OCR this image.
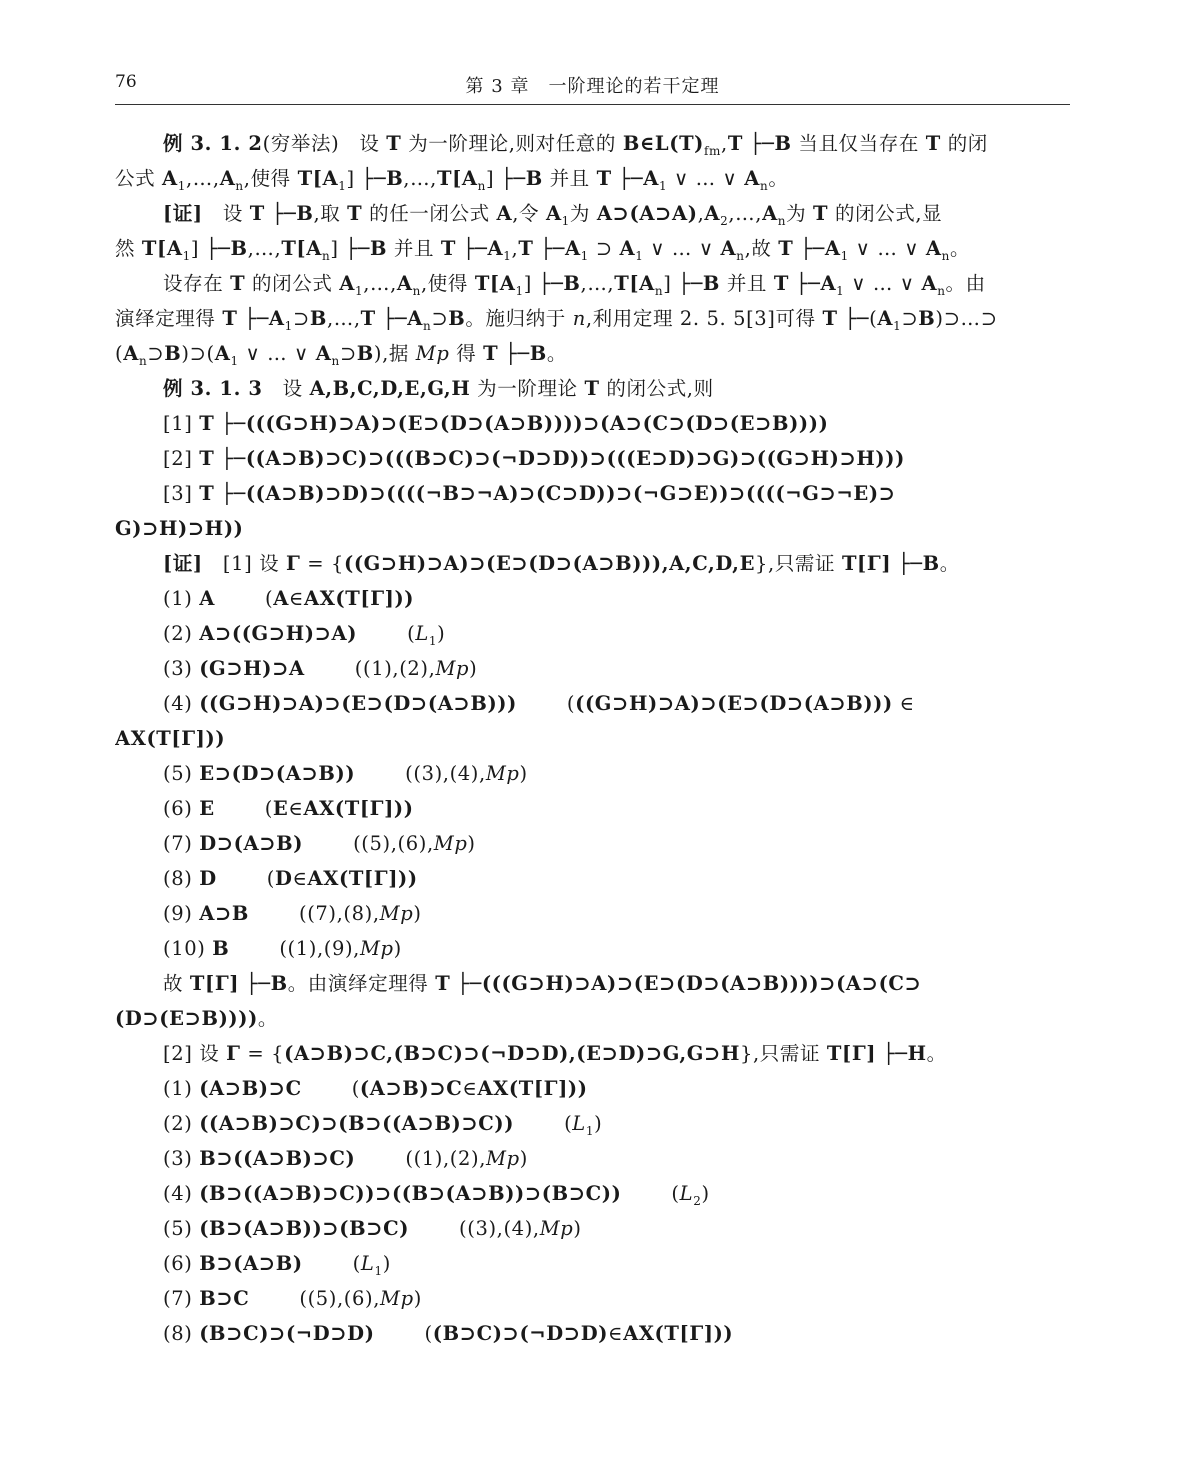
76	第 3 章　一阶理论的若干定理
例 3. 1. 2(穷举法)　设 T 为一阶理论,则对任意的 $B\in L(T)_{fm},T$ ├─B 当且仅当存在 T 的闭
公式 $A_1,\dots,A_n$,使得 $T[A_1]$ $├─B,\dots,T[A_n]$ ├─B 并且 T $├─A_1$ ∨ … ∨ $A_n$。
[证]　设 T ├─B,取 T 的任一闭公式 A,令 $A_1$为 $A⊃(A⊃A),A_2,\dots,A_n$为 T 的闭公式,显
然 $T[A_1]$ $├─B,\dots,T[A_n]$ ├─B 并且 T $├─A_1,T$ $├─A_1$ ⊃ $A_1$ ∨ … ∨ $A_n$,故 T $├─A_1$ ∨ … ∨ $A_n$。
设存在 T 的闭公式 $A_1,\dots,A_n$,使得 $T[A_1]$ $├─B,\dots,T[A_n]$ ├─B 并且 T $├─A_1$ ∨ … ∨ $A_n$。由
演绎定理得 T $├─A_1⊃B,\dots,T$ $├─A_n⊃B$。施归纳于 n,利用定理 2. 5. 5[3]可得 T $├─(A_1⊃B)⊃\dots⊃$
$(A_n⊃B)⊃(A_1$ ∨ … ∨ $A_n⊃B$),据 Mp 得 T ├─B。
例 3. 1. 3　设 A,B,C,D,E,G,H 为一阶理论 T 的闭公式,则
[1] T ├─(((G⊃H)⊃A)⊃(E⊃(D⊃(A⊃B))))⊃(A⊃(C⊃(D⊃(E⊃B))))
[2] T ├─((A⊃B)⊃C)⊃(((B⊃C)⊃(¬D⊃D))⊃(((E⊃D)⊃G)⊃((G⊃H)⊃H)))
[3] T ├─((A⊃B)⊃D)⊃((((¬B⊃¬A)⊃(C⊃D))⊃(¬G⊃E))⊃((((¬G⊃¬E)⊃
G)⊃H)⊃H))
[证]　[1] 设 Γ = {((G⊃H)⊃A)⊃(E⊃(D⊃(A⊃B))),A,C,D,E},只需证 T[Γ] ├─B。
(1) A	(A∈AX(T[Γ]))
(2) A⊃((G⊃H)⊃A)	$(L_1)$
(3) (G⊃H)⊃A	((1),(2),Mp)
(4) ((G⊃H)⊃A)⊃(E⊃(D⊃(A⊃B)))	(((G⊃H)⊃A)⊃(E⊃(D⊃(A⊃B))) ∈
AX(T[Γ]))
(5) E⊃(D⊃(A⊃B))	((3),(4),Mp)
(6) E	(E∈AX(T[Γ]))
(7) D⊃(A⊃B)	((5),(6),Mp)
(8) D	(D∈AX(T[Γ]))
(9) A⊃B	((7),(8),Mp)
(10) B	((1),(9),Mp)
故 T[Γ] ├─B。由演绎定理得 T ├─(((G⊃H)⊃A)⊃(E⊃(D⊃(A⊃B))))⊃(A⊃(C⊃
(D⊃(E⊃B))))。
[2] 设 Γ = {(A⊃B)⊃C,(B⊃C)⊃(¬D⊃D),(E⊃D)⊃G,G⊃H},只需证 T[Γ] ├─H。
(1) (A⊃B)⊃C	((A⊃B)⊃C∈AX(T[Γ]))
(2) ((A⊃B)⊃C)⊃(B⊃((A⊃B)⊃C))	$(L_1)$
(3) B⊃((A⊃B)⊃C)	((1),(2),Mp)
(4) (B⊃((A⊃B)⊃C))⊃((B⊃(A⊃B))⊃(B⊃C))	$(L_2)$
(5) (B⊃(A⊃B))⊃(B⊃C)	((3),(4),Mp)
(6) B⊃(A⊃B)	$(L_1)$
(7) B⊃C	((5),(6),Mp)
(8) (B⊃C)⊃(¬D⊃D)	((B⊃C)⊃(¬D⊃D)∈AX(T[Γ]))
